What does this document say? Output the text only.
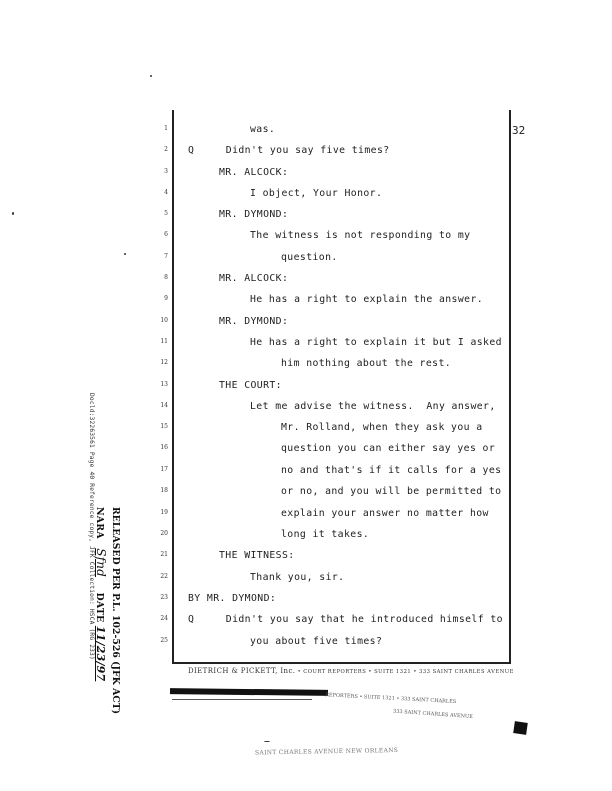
Docld:32263561 Page 40 Reference copy, JFK Collection: HSCA (RG 233) RELEASED PER P.L. 102-526 (JFK ACT)
NARA Sfnd DATE 11/23/97
32
1	was.
2 Q     Didn't you say five times?
3	MR. ALCOCK:
4	I object, Your Honor.
5	MR. DYMOND:
6	The witness is not responding to my
7	question.
8	MR. ALCOCK:
9	He has a right to explain the answer.
10	MR. DYMOND:
11	He has a right to explain it but I asked
12	him nothing about the rest.
13	THE COURT:
14	Let me advise the witness.  Any answer,
15	Mr. Rolland, when they ask you a
16	question you can either say yes or
17	no and that's if it calls for a yes
18	or no, and you will be permitted to
19	explain your answer no matter how
20	long it takes.
21	THE WITNESS:
22	Thank you, sir.
23 BY MR. DYMOND:
24 Q     Didn't you say that he introduced himself to
25	you about five times?
DIETRICH & PICKETT, Inc. • COURT REPORTERS • SUITE 1321 • 333 SAINT CHARLES AVENUE
REPORTERS • SUITE 1321 • 333 SAINT CHARLES
333 SAINT CHARLES AVENUE
SAINT CHARLES AVENUE NEW ORLEANS
